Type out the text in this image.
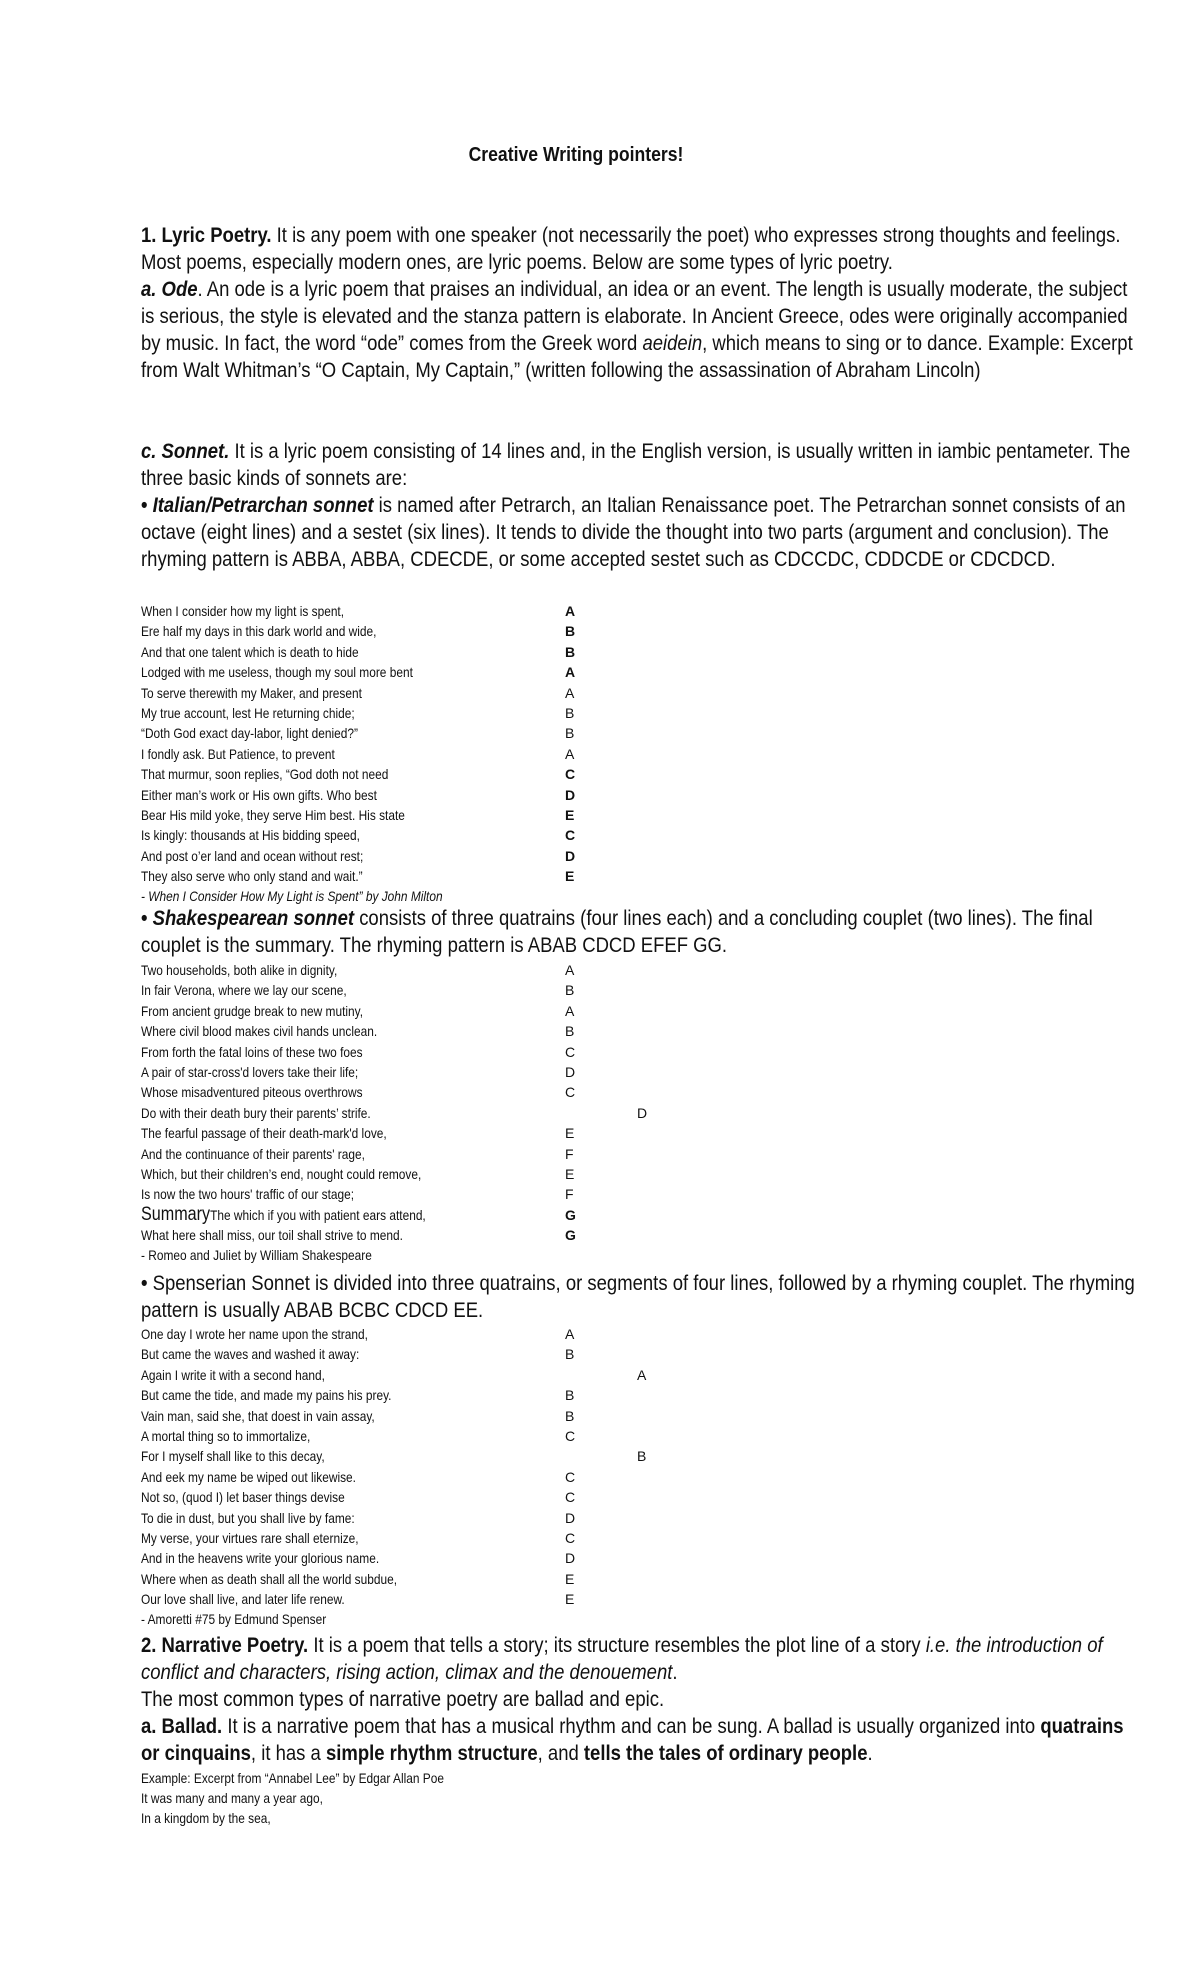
Creative Writing pointers!
1. Lyric Poetry. It is any poem with one speaker (not necessarily the poet) who expresses strong thoughts and feelings. Most poems, especially modern ones, are lyric poems. Below are some types of lyric poetry.
a. Ode. An ode is a lyric poem that praises an individual, an idea or an event. The length is usually moderate, the subject is serious, the style is elevated and the stanza pattern is elaborate. In Ancient Greece, odes were originally accompanied by music. In fact, the word “ode” comes from the Greek word aeidein, which means to sing or to dance. Example: Excerpt from Walt Whitman’s “O Captain, My Captain,” (written following the assassination of Abraham Lincoln)
c. Sonnet. It is a lyric poem consisting of 14 lines and, in the English version, is usually written in iambic pentameter. The three basic kinds of sonnets are:
• Italian/Petrarchan sonnet is named after Petrarch, an Italian Renaissance poet. The Petrarchan sonnet consists of an octave (eight lines) and a sestet (six lines). It tends to divide the thought into two parts (argument and conclusion). The rhyming pattern is ABBA, ABBA, CDECDE, or some accepted sestet such as CDCCDC, CDDCDE or CDCDCD.
When I consider how my light is spent,	A
Ere half my days in this dark world and wide,	B
And that one talent which is death to hide	B
Lodged with me useless, though my soul more bent	A
To serve therewith my Maker, and present	A
My true account, lest He returning chide;	B
“Doth God exact day-labor, light denied?”	B
I fondly ask. But Patience, to prevent	A
That murmur, soon replies, “God doth not need	C
Either man’s work or His own gifts. Who best	D
Bear His mild yoke, they serve Him best. His state	E
Is kingly: thousands at His bidding speed,	C
And post o’er land and ocean without rest;	D
They also serve who only stand and wait.”	E
- When I Consider How My Light is Spent” by John Milton
• Shakespearean sonnet consists of three quatrains (four lines each) and a concluding couplet (two lines). The final couplet is the summary. The rhyming pattern is ABAB CDCD EFEF GG.
Two households, both alike in dignity,	A
In fair Verona, where we lay our scene,	B
From ancient grudge break to new mutiny,	A
Where civil blood makes civil hands unclean.	B
From forth the fatal loins of these two foes	C
A pair of star-cross'd lovers take their life;	D
Whose misadventured piteous overthrows	C
Do with their death bury their parents’ strife.	D
The fearful passage of their death-mark'd love,	E
And the continuance of their parents' rage,	F
Which, but their children’s end, nought could remove,	E
Is now the two hours' traffic of our stage;	F
SummaryThe which if you with patient ears attend,	G
What here shall miss, our toil shall strive to mend.	G
- Romeo and Juliet by William Shakespeare
• Spenserian Sonnet is divided into three quatrains, or segments of four lines, followed by a rhyming couplet. The rhyming pattern is usually ABAB BCBC CDCD EE.
One day I wrote her name upon the strand,	A
But came the waves and washed it away:	B
Again I write it with a second hand,	A
But came the tide, and made my pains his prey.	B
Vain man, said she, that doest in vain assay,	B
A mortal thing so to immortalize,	C
For I myself shall like to this decay,	B
And eek my name be wiped out likewise.	C
Not so, (quod I) let baser things devise	C
To die in dust, but you shall live by fame:	D
My verse, your virtues rare shall eternize,	C
And in the heavens write your glorious name.	D
Where when as death shall all the world subdue,	E
Our love shall live, and later life renew.	E
- Amoretti #75 by Edmund Spenser
2. Narrative Poetry. It is a poem that tells a story; its structure resembles the plot line of a story i.e. the introduction of conflict and characters, rising action, climax and the denouement.
The most common types of narrative poetry are ballad and epic.
a. Ballad. It is a narrative poem that has a musical rhythm and can be sung. A ballad is usually organized into quatrains or cinquains, it has a simple rhythm structure, and tells the tales of ordinary people.
Example: Excerpt from “Annabel Lee” by Edgar Allan Poe
It was many and many a year ago,
In a kingdom by the sea,
